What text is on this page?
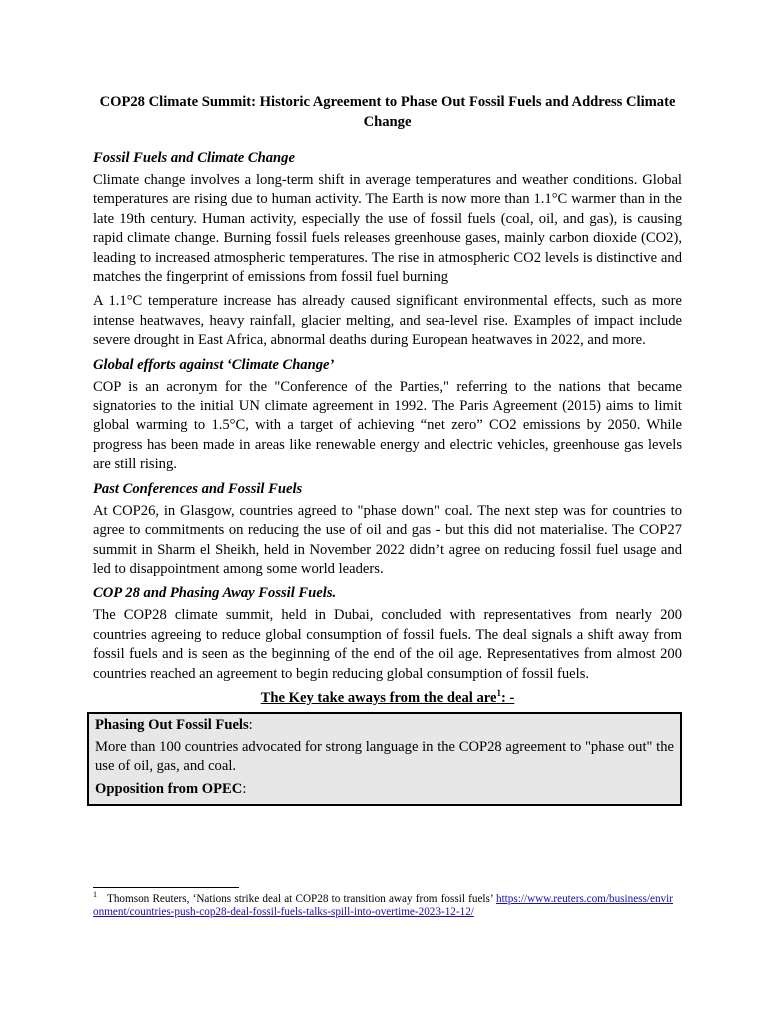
COP28 Climate Summit: Historic Agreement to Phase Out Fossil Fuels and Address Climate Change
Fossil Fuels and Climate Change

Climate change involves a long-term shift in average temperatures and weather conditions. Global temperatures are rising due to human activity. The Earth is now more than 1.1°C warmer than in the late 19th century. Human activity, especially the use of fossil fuels (coal, oil, and gas), is causing rapid climate change. Burning fossil fuels releases greenhouse gases, mainly carbon dioxide (CO2), leading to increased atmospheric temperatures. The rise in atmospheric CO2 levels is distinctive and matches the fingerprint of emissions from fossil fuel burning

A 1.1°C temperature increase has already caused significant environmental effects, such as more intense heatwaves, heavy rainfall, glacier melting, and sea-level rise. Examples of impact include severe drought in East Africa, abnormal deaths during European heatwaves in 2022, and more.

Global efforts against ‘Climate Change’

COP is an acronym for the "Conference of the Parties," referring to the nations that became signatories to the initial UN climate agreement in 1992. The Paris Agreement (2015) aims to limit global warming to 1.5°C, with a target of achieving “net zero” CO2 emissions by 2050. While progress has been made in areas like renewable energy and electric vehicles, greenhouse gas levels are still rising.

Past Conferences and Fossil Fuels

At COP26, in Glasgow, countries agreed to "phase down" coal. The next step was for countries to agree to commitments on reducing the use of oil and gas - but this did not materialise. The COP27 summit in Sharm el Sheikh, held in November 2022 didn’t agree on reducing fossil fuel usage and led to disappointment among some world leaders.

COP 28 and Phasing Away Fossil Fuels.

The COP28 climate summit, held in Dubai, concluded with representatives from nearly 200 countries agreeing to reduce global consumption of fossil fuels. The deal signals a shift away from fossil fuels and is seen as the beginning of the end of the oil age. Representatives from almost 200 countries reached an agreement to begin reducing global consumption of fossil fuels.

The Key take aways from the deal are$^1$: -
Phasing Out Fossil Fuels:

More than 100 countries advocated for strong language in the COP28 agreement to "phase out" the use of oil, gas, and coal.

Opposition from OPEC:
$^1$ Thomson Reuters, ‘Nations strike deal at COP28 to transition away from fossil fuels’ https://www.reuters.com/business/environment/countries-push-cop28-deal-fossil-fuels-talks-spill-into-overtime-2023-12-12/
